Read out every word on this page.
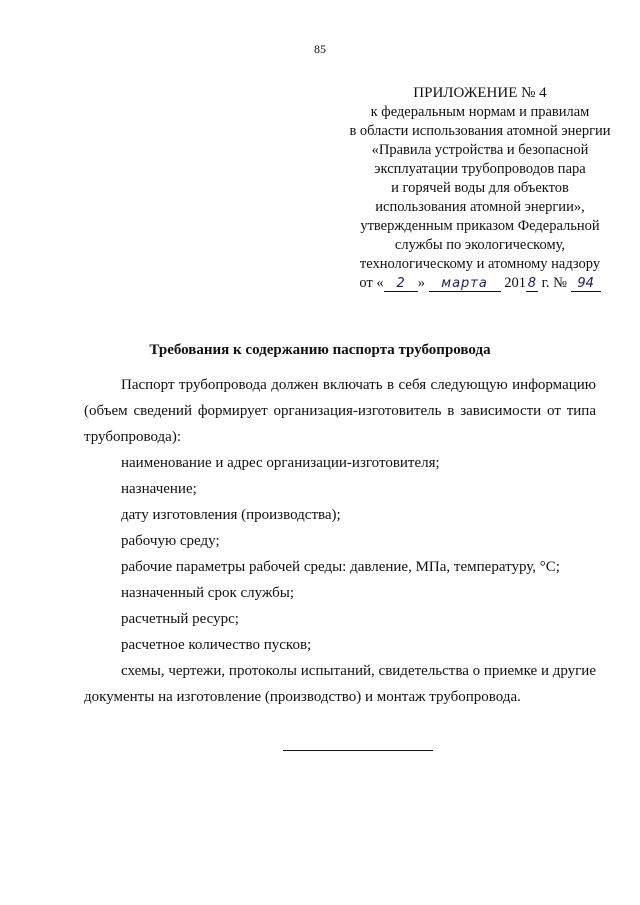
85
ПРИЛОЖЕНИЕ № 4
к федеральным нормам и правилам
в области использования атомной энергии
«Правила устройства и безопасной
эксплуатации трубопроводов пара
и горячей воды для объектов
использования атомной энергии»,
утвержденным приказом Федеральной
службы по экологическому,
технологическому и атомному надзору
от « 2 » марта 201 8 г. № 94
Требования к содержанию паспорта трубопровода

Паспорт трубопровода должен включать в себя следующую информацию (объем сведений формирует организация-изготовитель в зависимости от типа трубопровода):

наименование и адрес организации-изготовителя;

назначение;

дату изготовления (производства);

рабочую среду;

рабочие параметры рабочей среды: давление, МПа, температуру, °С;

назначенный срок службы;

расчетный ресурс;

расчетное количество пусков;

схемы, чертежи, протоколы испытаний, свидетельства о приемке и другие документы на изготовление (производство) и монтаж трубопровода.
